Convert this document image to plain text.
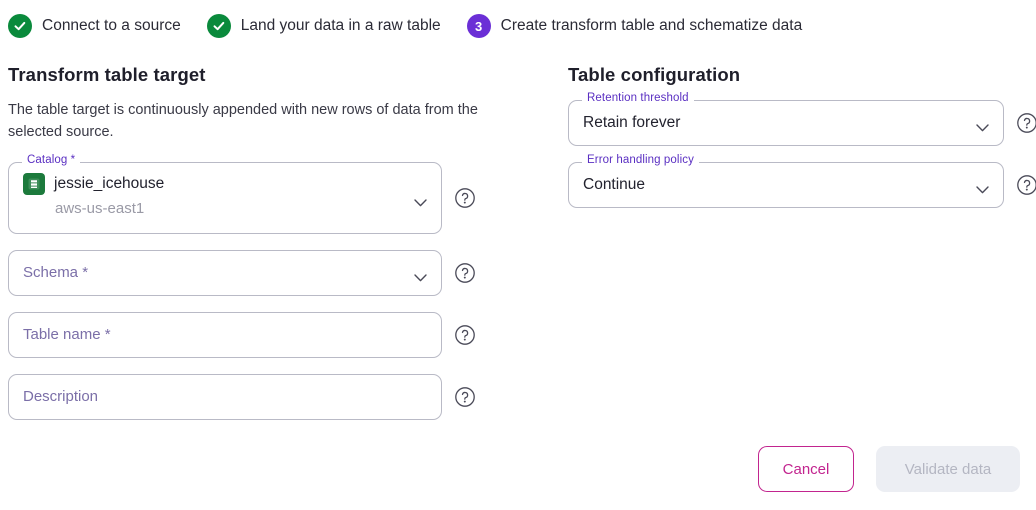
Connect to a source	Land your data in a raw table	3 Create transform table and schematize data
Transform table target

The table target is continuously appended with new rows of data from the selected source.

Catalog *
jessie_icehouse
aws-us-east1
Schema *
Table name *
Description
Table configuration
Retention threshold
Retain forever
Error handling policy
Continue
Cancel	Validate data
